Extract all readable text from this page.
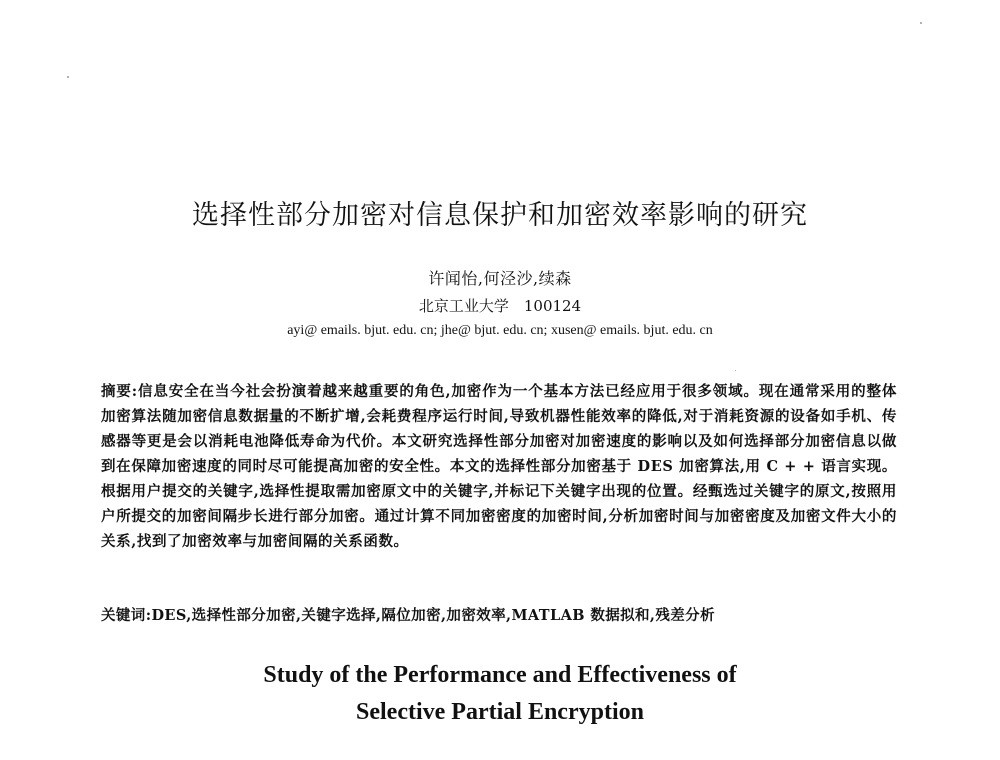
选择性部分加密对信息保护和加密效率影响的研究
许闻怡,何泾沙,续森
北京工业大学　100124
ayi@ emails. bjut. edu. cn; jhe@ bjut. edu. cn; xusen@ emails. bjut. edu. cn
摘要:信息安全在当今社会扮演着越来越重要的角色,加密作为一个基本方法已经应用于很多领域。现在通常采用的整体加密算法随加密信息数据量的不断扩增,会耗费程序运行时间,导致机器性能效率的降低,对于消耗资源的设备如手机、传感器等更是会以消耗电池降低寿命为代价。本文研究选择性部分加密对加密速度的影响以及如何选择部分加密信息以做到在保障加密速度的同时尽可能提高加密的安全性。本文的选择性部分加密基于 DES 加密算法,用 C + + 语言实现。根据用户提交的关键字,选择性提取需加密原文中的关键字,并标记下关键字出现的位置。经甄选过关键字的原文,按照用户所提交的加密间隔步长进行部分加密。通过计算不同加密密度的加密时间,分析加密时间与加密密度及加密文件大小的关系,找到了加密效率与加密间隔的关系函数。
关键词:DES,选择性部分加密,关键字选择,隔位加密,加密效率,MATLAB 数据拟和,残差分析
Study of the Performance and Effectiveness of
Selective Partial Encryption
